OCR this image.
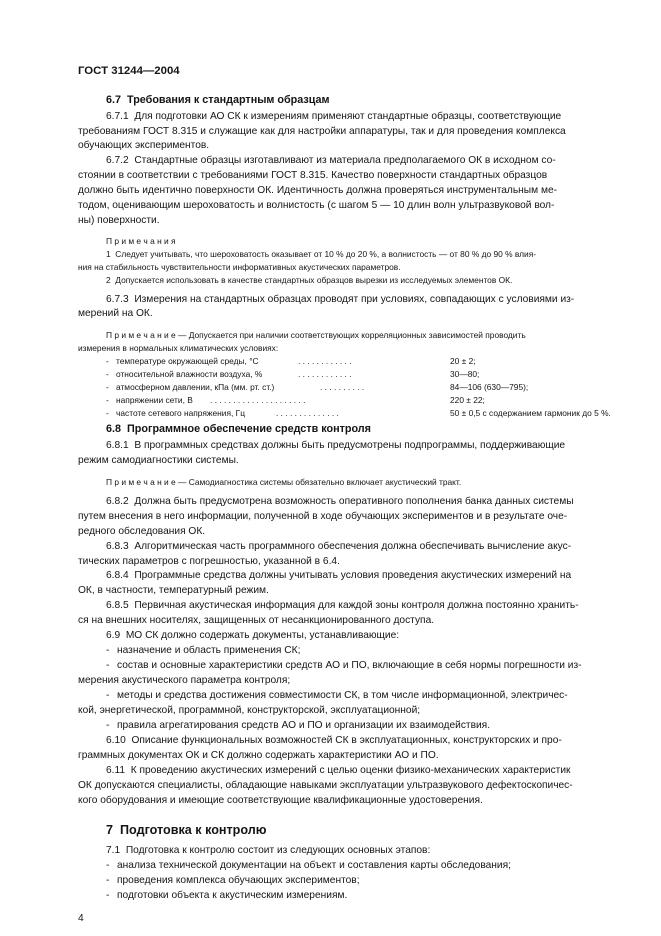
ГОСТ 31244—2004
6.7  Требования к стандартным образцам
6.7.1  Для подготовки АО СК к измерениям применяют стандартные образцы, соответствующие
требованиям ГОСТ 8.315 и служащие как для настройки аппаратуры, так и для проведения комплекса
обучающих экспериментов.
6.7.2  Стандартные образцы изготавливают из материала предполагаемого ОК в исходном со-
стоянии в соответствии с требованиями ГОСТ 8.315. Качество поверхности стандартных образцов
должно быть идентично поверхности ОК. Идентичность должна проверяться инструментальным ме-
тодом, оценивающим шероховатость и волнистость (с шагом 5 — 10 длин волн ультразвуковой вол-
ны) поверхности.
П р и м е ч а н и я
1  Следует учитывать, что шероховатость оказывает от 10 % до 20 %, а волнистость — от 80 % до 90 % влия-
ния на стабильность чувствительности информативных акустических параметров.
2  Допускается использовать в качестве стандартных образцов вырезки из исследуемых элементов ОК.
6.7.3  Измерения на стандартных образцах проводят при условиях, совпадающих с условиями из-
мерений на ОК.
П р и м е ч а н и е — Допускается при наличии соответствующих корреляционных зависимостей проводить
измерения в нормальных климатических условиях:
- температуре окружающей среды, °С	. . . . . . . . . . . .	20 ± 2;
- относительной влажности воздуха, %	. . . . . . . . . . . .	30—80;
- атмосферном давлении, кПа (мм. рт. ст.)	. . . . . . . . . .	84—106 (630—795);
- напряжении сети, В . . . . . . . . . . . . . . . . . . . . .	220 ± 22;
- частоте сетевого напряжения, Гц	. . . . . . . . . . . . . .	50 ± 0,5 с содержанием гармоник до 5 %.
6.8  Программное обеспечение средств контроля
6.8.1  В программных средствах должны быть предусмотрены подпрограммы, поддерживающие
режим самодиагностики системы.
П р и м е ч а н и е — Самодиагностика системы обязательно включает акустический тракт.
6.8.2  Должна быть предусмотрена возможность оперативного пополнения банка данных системы
путем внесения в него информации, полученной в ходе обучающих экспериментов и в результате оче-
редного обследования ОК.
6.8.3  Алгоритмическая часть программного обеспечения должна обеспечивать вычисление акус-
тических параметров с погрешностью, указанной в 6.4.
6.8.4  Программные средства должны учитывать условия проведения акустических измерений на
ОК, в частности, температурный режим.
6.8.5  Первичная акустическая информация для каждой зоны контроля должна постоянно хранить-
ся на внешних носителях, защищенных от несанкционированного доступа.
6.9  МО СК должно содержать документы, устанавливающие:
- назначение и область применения СК;
- состав и основные характеристики средств АО и ПО, включающие в себя нормы погрешности из-
мерения акустического параметра контроля;
- методы и средства достижения совместимости СК, в том числе информационной, электричес-
кой, энергетической, программной, конструкторской, эксплуатационной;
- правила агрегатирования средств АО и ПО и организации их взаимодействия.
6.10  Описание функциональных возможностей СК в эксплуатационных, конструкторских и про-
граммных документах ОК и СК должно содержать характеристики АО и ПО.
6.11  К проведению акустических измерений с целью оценки физико-механических характеристик
ОК допускаются специалисты, обладающие навыками эксплуатации ультразвукового дефектоскопичес-
кого оборудования и имеющие соответствующие квалификационные удостоверения.
7  Подготовка к контролю
7.1  Подготовка к контролю состоит из следующих основных этапов:
- анализа технической документации на объект и составления карты обследования;
- проведения комплекса обучающих экспериментов;
- подготовки объекта к акустическим измерениям.
4
